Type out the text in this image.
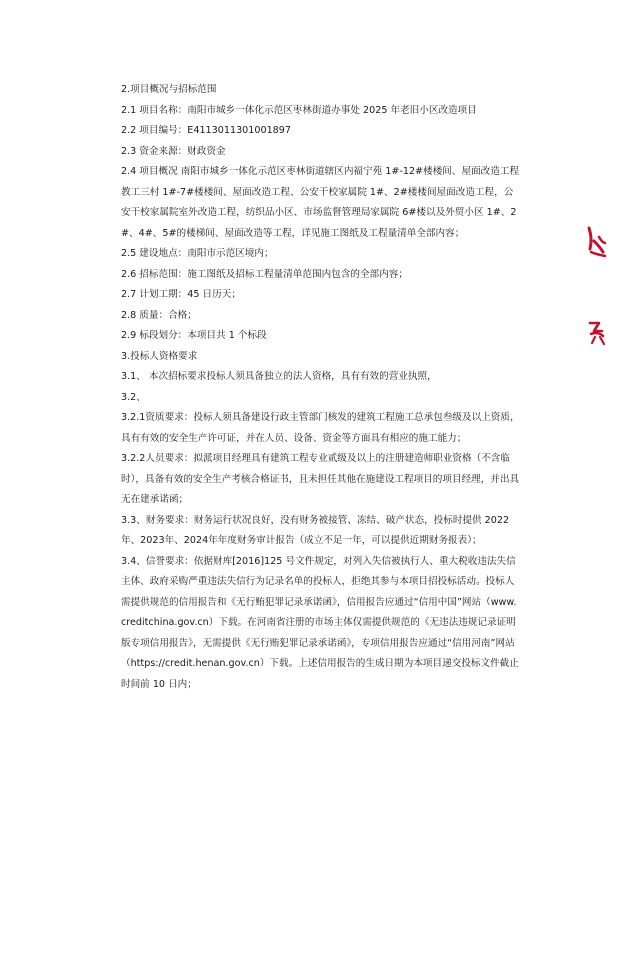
2.项目概况与招标范围

2.1 项目名称：南阳市城乡一体化示范区枣林街道办事处 2025 年老旧小区改造项目

2.2 项目编号：E4113011301001897

2.3 资金来源：财政资金

2.4 项目概况 南阳市城乡一体化示范区枣林街道辖区内福宁苑 1#-12#楼楼间、屋面改造工程教工三村 1#-7#楼楼间、屋面改造工程、公安干校家属院 1#、2#楼楼间屋面改造工程，公安干校家属院室外改造工程，纺织品小区、市场监督管理局家属院 6#楼以及外贸小区 1#、2#、4#、5#的楼梯间、屋面改造等工程，详见施工图纸及工程量清单全部内容；

2.5 建设地点：南阳市示范区境内；

2.6 招标范围：施工图纸及招标工程量清单范围内包含的全部内容；

2.7 计划工期：45 日历天；

2.8 质量：合格；

2.9 标段划分：本项目共 1 个标段

3.投标人资格要求

3.1、 本次招标要求投标人须具备独立的法人资格，具有有效的营业执照，

3.2、

3.2.1资质要求：投标人须具备建设行政主管部门核发的建筑工程施工总承包叁级及以上资质，具有有效的安全生产许可证，并在人员、设备、资金等方面具有相应的施工能力；

3.2.2人员要求：拟派项目经理具有建筑工程专业贰级及以上的注册建造师职业资格（不含临时），具备有效的安全生产考核合格证书，且未担任其他在施建设工程项目的项目经理，并出具无在建承诺函；

3.3、财务要求：财务运行状况良好，没有财务被接管、冻结、破产状态，投标时提供 2022年、2023年、2024年年度财务审计报告（成立不足一年，可以提供近期财务报表）；

3.4、信誉要求：依据财库[2016]125 号文件规定，对列入失信被执行人、重大税收违法失信主体、政府采购严重违法失信行为记录名单的投标人，拒绝其参与本项目招投标活动。投标人需提供规范的信用报告和《无行贿犯罪记录承诺函》，信用报告应通过“信用中国”网站（www.creditchina.gov.cn）下载。在河南省注册的市场主体仅需提供规范的《无违法违规记录证明版专项信用报告》，无需提供《无行贿犯罪记录承诺函》，专项信用报告应通过“信用河南”网站（https://credit.henan.gov.cn）下载。上述信用报告的生成日期为本项目递交投标文件截止时间前 10 日内；
